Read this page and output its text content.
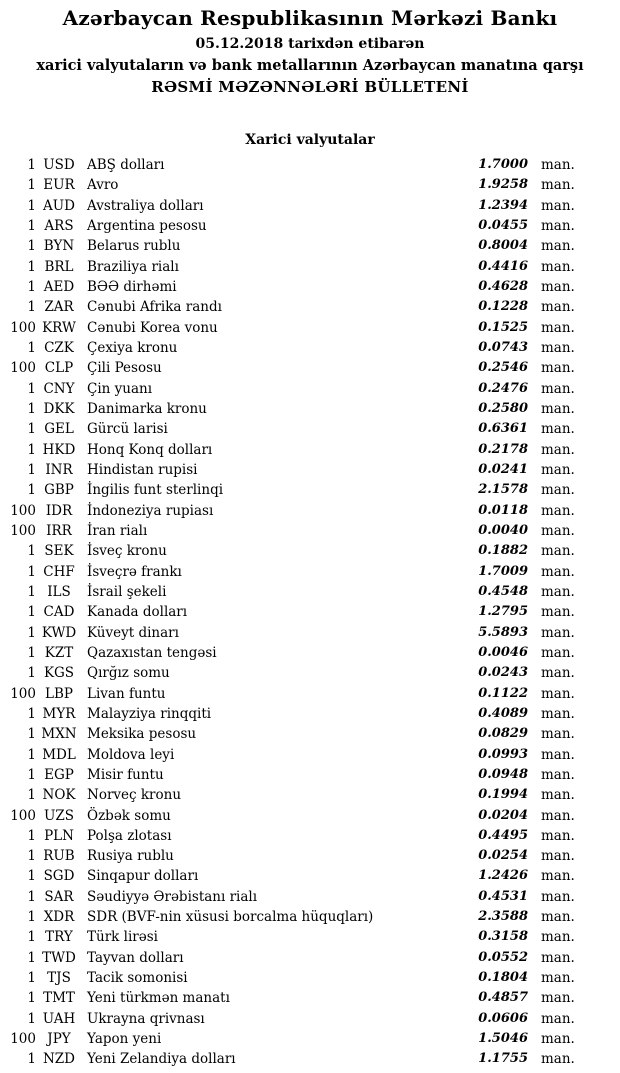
Azərbaycan Respublikasının Mərkəzi Bankı
05.12.2018 tarixdən etibarən
xarici valyutaların və bank metallarının Azərbaycan manatına qarşı
RƏSMİ MƏZƏNNƏLƏRİ BÜLLETENİ
Xarici valyutalar
1 USD ABŞ dolları	1.7000 man.
1 EUR Avro	1.9258 man.
1 AUD Avstraliya dolları	1.2394 man.
1 ARS Argentina pesosu	0.0455 man.
1 BYN Belarus rublu	0.8004 man.
1 BRL Braziliya rialı	0.4416 man.
1 AED BƏƏ dirhəmi	0.4628 man.
1 ZAR Cənubi Afrika randı	0.1228 man.
100 KRW Cənubi Korea vonu	0.1525 man.
1 CZK Çexiya kronu	0.0743 man.
100 CLP	Çili Pesosu	0.2546 man.
1 CNY Çin yuanı	0.2476 man.
1 DKK Danimarka kronu	0.2580 man.
1 GEL Gürcü larisi	0.6361 man.
1 HKD Honq Konq dolları	0.2178 man.
1 INR	Hindistan rupisi	0.0241 man.
1 GBP İngilis funt sterlinqi	2.1578 man.
100 IDR	İndoneziya rupiası	0.0118 man.
100 IRR	İran rialı	0.0040 man.
1 SEK İsveç kronu	0.1882 man.
1 CHF İsveçrə frankı	1.7009 man.
1 ILS	İsrail şekeli	0.4548 man.
1 CAD Kanada dolları	1.2795 man.
1 KWD Küveyt dinarı	5.5893 man.
1 KZT	Qazaxıstan tengəsi	0.0046 man.
1 KGS Qırğız somu	0.0243 man.
100 LBP	Livan funtu	0.1122 man.
1 MYR Malayziya rinqqiti	0.4089 man.
1 MXN Meksika pesosu	0.0829 man.
1 MDL Moldova leyi	0.0993 man.
1 EGP Misir funtu	0.0948 man.
1 NOK Norveç kronu	0.1994 man.
100 UZS Özbək somu	0.0204 man.
1 PLN Polşa zlotası	0.4495 man.
1 RUB Rusiya rublu	0.0254 man.
1 SGD Sinqapur dolları	1.2426 man.
1 SAR Səudiyyə Ərəbistanı rialı	0.4531 man.
1 XDR SDR (BVF-nin xüsusi borcalma hüquqları)	2.3588 man.
1 TRY	Türk lirəsi	0.3158 man.
1 TWD Tayvan dolları	0.0552 man.
1 TJS	Tacik somonisi	0.1804 man.
1 TMT Yeni türkmən manatı	0.4857 man.
1 UAH Ukrayna qrivnası	0.0606 man.
100 JPY	Yapon yeni	1.5046 man.
1 NZD Yeni Zelandiya dolları	1.1755 man.
